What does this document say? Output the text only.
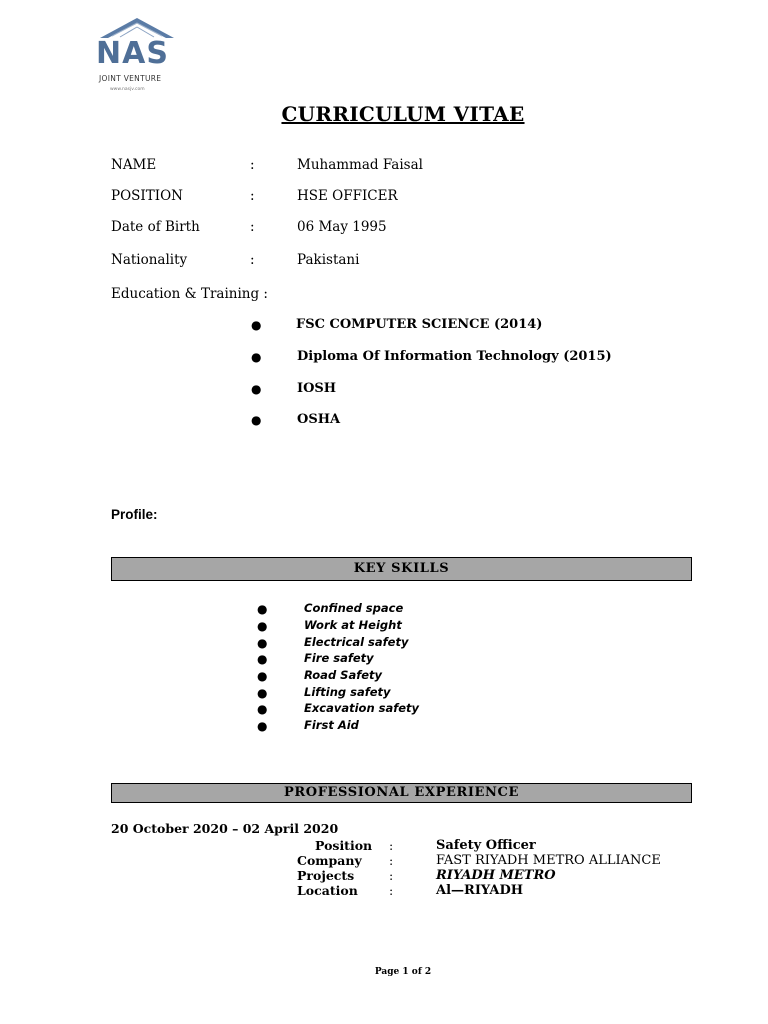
NAS
JOINT VENTURE
www.nasjv.com
CURRICULUM VITAE
NAME	:	Muhammad Faisal
POSITION	:	HSE OFFICER
Date of Birth	:	06 May 1995
Nationality	:	Pakistani
Education & Training :
●	FSC COMPUTER SCIENCE (2014)
●	Diploma Of Information Technology (2015)
●	IOSH
●	OSHA
Profile:
KEY SKILLS
●	Confined space
●	Work at Height
●	Electrical safety
●	Fire safety
●	Road Safety
●	Lifting safety
●	Excavation safety
●	First Aid
PROFESSIONAL EXPERIENCE
20 October 2020 – 02 April 2020
Position :	Safety Officer
Company :	FAST RIYADH METRO ALLIANCE
Projects	:	RIYADH METRO
Location :	Al—RIYADH
Page 1 of 2
